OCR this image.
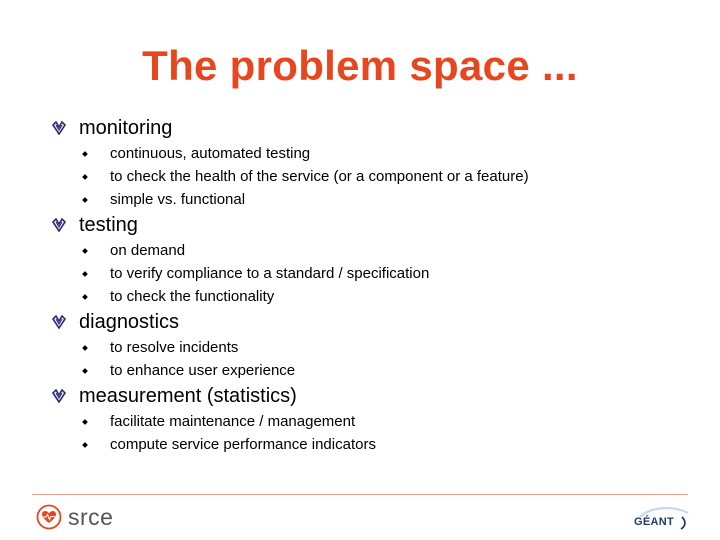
The problem space ...
monitoring
continuous, automated testing
to check the health of the service (or a component or a feature)
simple vs. functional
testing
on demand
to verify compliance to a standard / specification
to check the functionality
diagnostics
to resolve incidents
to enhance user experience
measurement (statistics)
facilitate maintenance / management
compute service performance indicators
srce	GÉANT
